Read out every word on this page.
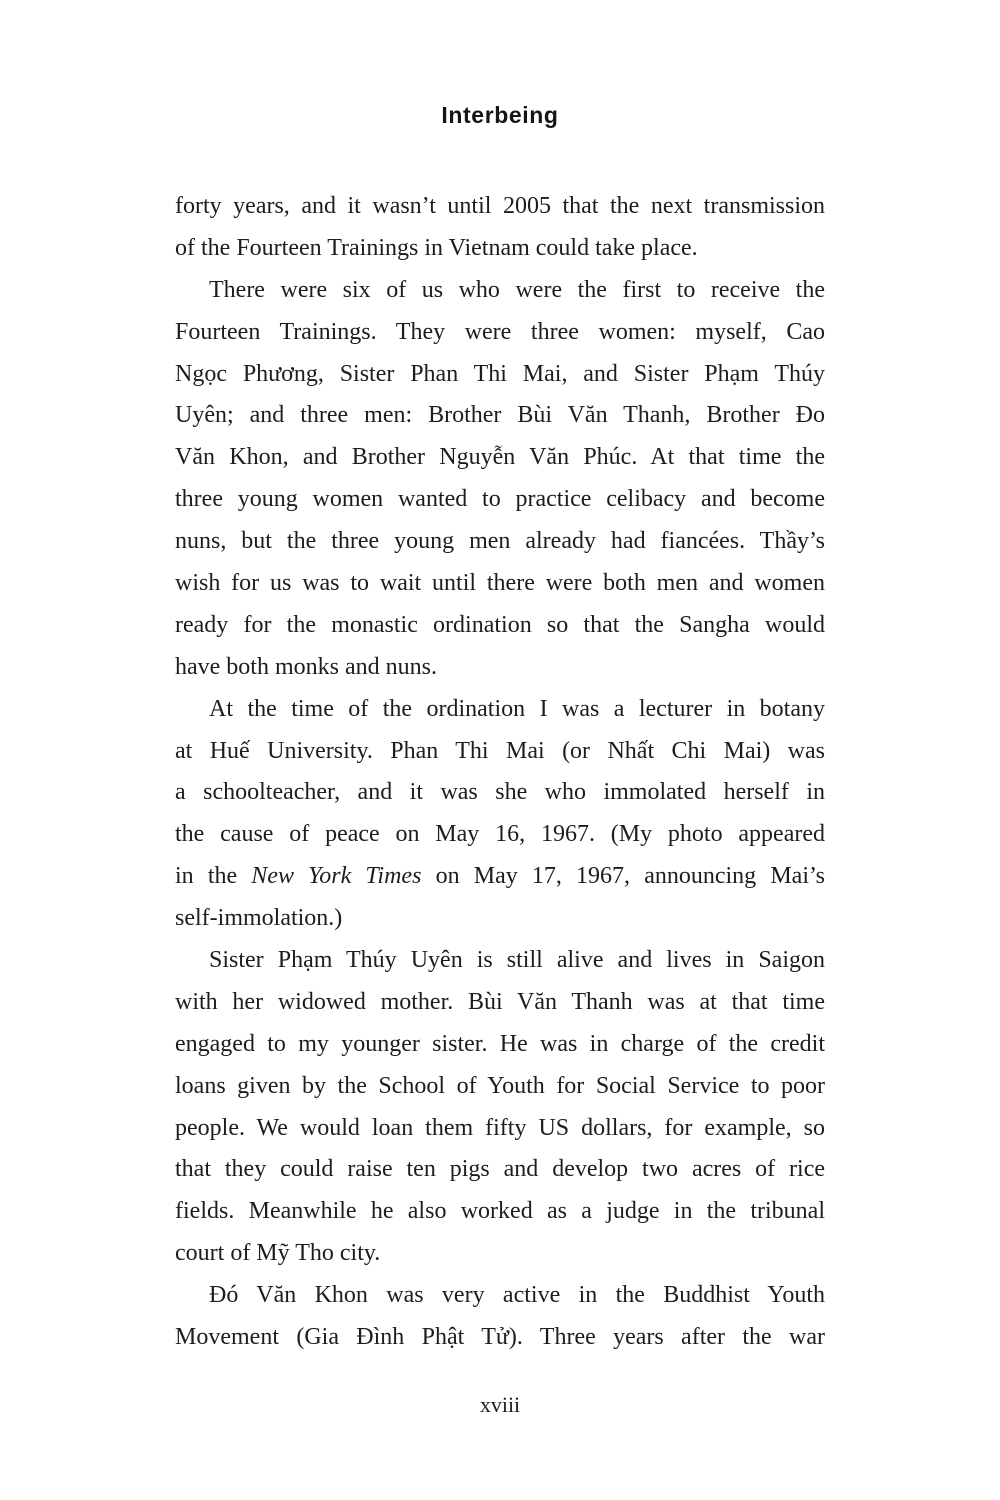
Interbeing
forty years, and it wasn’t until 2005 that the next transmission
of the Fourteen Trainings in Vietnam could take place.
There were six of us who were the first to receive the
Fourteen Trainings. They were three women: myself, Cao
Ngọc Phương, Sister Phan Thi Mai, and Sister Phạm Thúy
Uyên; and three men: Brother Bùi Văn Thanh, Brother Đo
Văn Khon, and Brother Nguyễn Văn Phúc. At that time the
three young women wanted to practice celibacy and become
nuns, but the three young men already had fiancées. Thầy’s
wish for us was to wait until there were both men and women
ready for the monastic ordination so that the Sangha would
have both monks and nuns.
At the time of the ordination I was a lecturer in botany
at Huế University. Phan Thi Mai (or Nhất Chi Mai) was
a schoolteacher, and it was she who immolated herself in
the cause of peace on May 16, 1967. (My photo appeared
in the New York Times on May 17, 1967, announcing Mai’s
self-immolation.)
Sister Phạm Thúy Uyên is still alive and lives in Saigon
with her widowed mother. Bùi Văn Thanh was at that time
engaged to my younger sister. He was in charge of the credit
loans given by the School of Youth for Social Service to poor
people. We would loan them fifty US dollars, for example, so
that they could raise ten pigs and develop two acres of rice
fields. Meanwhile he also worked as a judge in the tribunal
court of Mỹ Tho city.
Đó Văn Khon was very active in the Buddhist Youth
Movement (Gia Đình Phật Tử). Three years after the war
xviii
